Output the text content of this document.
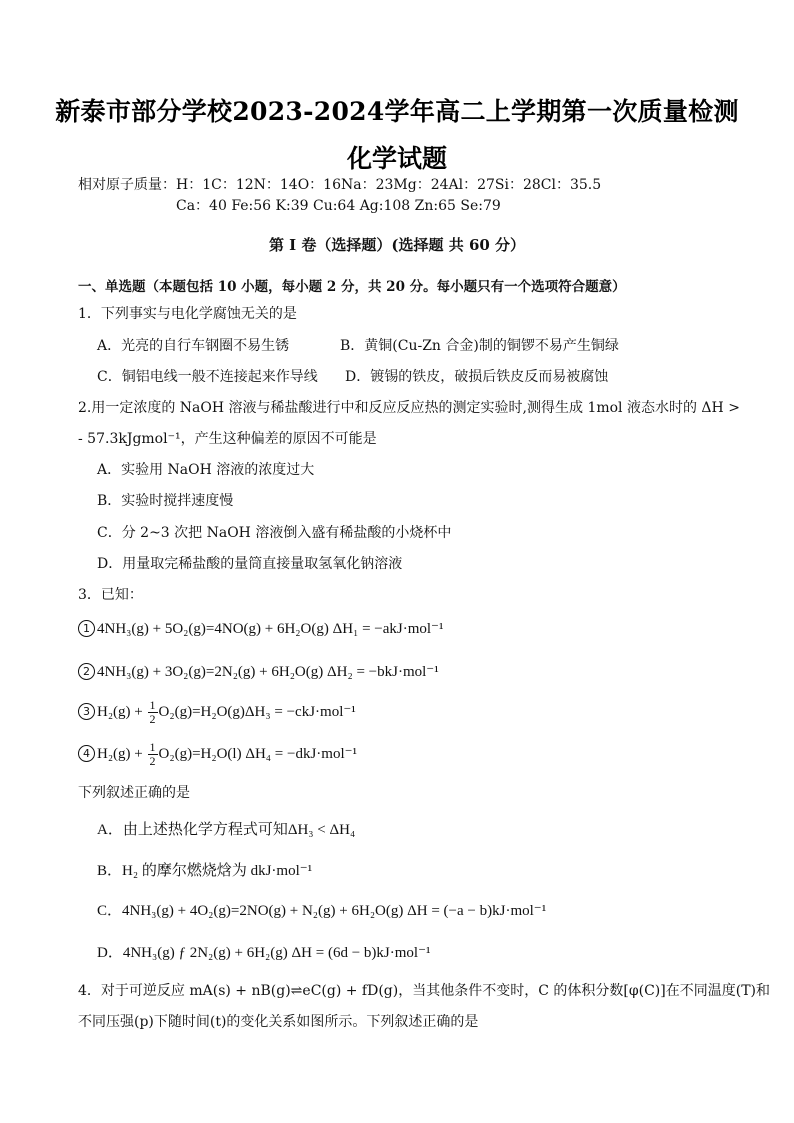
新泰市部分学校2023-2024学年高二上学期第一次质量检测
化学试题
相对原子质量：H：1C：12N：14O：16Na：23Mg：24Al：27Si：28Cl：35.5
Ca：40 Fe:56 K:39 Cu:64 Ag:108 Zn:65 Se:79
第 I 卷（选择题）(选择题 共 60 分）
一、单选题（本题包括 10 小题，每小题 2 分，共 20 分。每小题只有一个选项符合题意）
1．下列事实与电化学腐蚀无关的是
A．光亮的自行车钢圈不易生锈	B．黄铜(Cu-Zn 合金)制的铜锣不易产生铜绿
C．铜铝电线一般不连接起来作导线 D．镀锡的铁皮，破损后铁皮反而易被腐蚀
2.用一定浓度的 NaOH 溶液与稀盐酸进行中和反应反应热的测定实验时,测得生成 1mol 液态水时的 ΔH >
- 57.3kJgmol⁻¹，产生这种偏差的原因不可能是
A．实验用 NaOH 溶液的浓度过大
B．实验时搅拌速度慢
C．分 2~3 次把 NaOH 溶液倒入盛有稀盐酸的小烧杯中
D．用量取完稀盐酸的量筒直接量取氢氧化钠溶液
3．已知：
1 4NH₃(g) + 5O₂(g)=4NO(g) + 6H₂O(g) ΔH₁ = −akJ·mol⁻¹
2 4NH₃(g) + 3O₂(g)=2N₂(g) + 6H₂O(g) ΔH₂ = −bkJ·mol⁻¹
3 $H_2(g) + \frac{1}{2} O_2(g)=H_2O(g)\Delta H_3 = -ckJ\cdot mol^{-1}$
4 $H_2(g) + \frac{1}{2} O_2(g)=H_2O(l) \Delta H_4 = -dkJ\cdot mol^{-1}$
下列叙述正确的是
A．由上述热化学方程式可知ΔH₃ < ΔH₄
B．H₂ 的摩尔燃烧焓为 dkJ·mol⁻¹
C．4NH₃(g) + 4O₂(g)=2NO(g) + N₂(g) + 6H₂O(g) ΔH = (−a − b)kJ·mol⁻¹
D．4NH₃(g) ƒ 2N₂(g) + 6H₂(g) ΔH = (6d − b)kJ·mol⁻¹
4．对于可逆反应 mA(s) + nB(g)⇌eC(g) + fD(g)，当其他条件不变时，C 的体积分数[φ(C)]在不同温度(T)和
不同压强(p)下随时间(t)的变化关系如图所示。下列叙述正确的是
